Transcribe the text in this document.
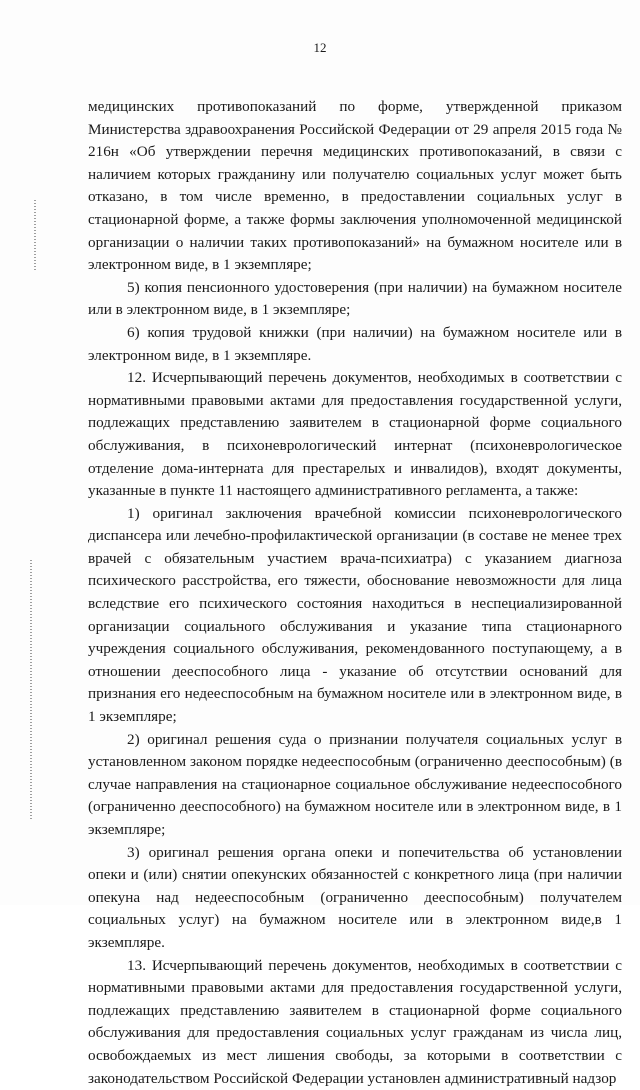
12

медицинских противопоказаний по форме, утвержденной приказом Министерства здравоохранения Российской Федерации от 29 апреля 2015 года № 216н «Об утверждении перечня медицинских противопоказаний, в связи с наличием которых гражданину или получателю социальных услуг может быть отказано, в том числе временно, в предоставлении социальных услуг в стационарной форме, а также формы заключения уполномоченной медицинской организации о наличии таких противопоказаний» на бумажном носителе или в электронном виде, в 1 экземпляре;

5) копия пенсионного удостоверения (при наличии) на бумажном носителе или в электронном виде, в 1 экземпляре;

6) копия трудовой книжки (при наличии) на бумажном носителе или в электронном виде, в 1 экземпляре.

12. Исчерпывающий перечень документов, необходимых в соответствии с нормативными правовыми актами для предоставления государственной услуги, подлежащих представлению заявителем в стационарной форме социального обслуживания, в психоневрологический интернат (психоневрологическое отделение дома-интерната для престарелых и инвалидов), входят документы, указанные в пункте 11 настоящего административного регламента, а также:

1) оригинал заключения врачебной комиссии психоневрологического диспансера или лечебно-профилактической организации (в составе не менее трех врачей с обязательным участием врача-психиатра) с указанием диагноза психического расстройства, его тяжести, обоснование невозможности для лица вследствие его психического состояния находиться в неспециализированной организации социального обслуживания и указание типа стационарного учреждения социального обслуживания, рекомендованного поступающему, а в отношении дееспособного лица - указание об отсутствии оснований для признания его недееспособным на бумажном носителе или в электронном виде, в 1 экземпляре;

2) оригинал решения суда о признании получателя социальных услуг в установленном законом порядке недееспособным (ограниченно дееспособным) (в случае направления на стационарное социальное обслуживание недееспособного (ограниченно дееспособного) на бумажном носителе или в электронном виде, в 1 экземпляре;

3) оригинал решения органа опеки и попечительства об установлении опеки и (или) снятии опекунских обязанностей с конкретного лица (при наличии опекуна над недееспособным (ограниченно дееспособным) получателем социальных услуг) на бумажном носителе или в электронном виде,в 1 экземпляре.

13. Исчерпывающий перечень документов, необходимых в соответствии с нормативными правовыми актами для предоставления государственной услуги, подлежащих представлению заявителем в стационарной форме социального обслуживания для предоставления социальных услуг гражданам из числа лиц, освобождаемых из мест лишения свободы, за которыми в соответствии с законодательством Российской Федерации установлен административный надзор
